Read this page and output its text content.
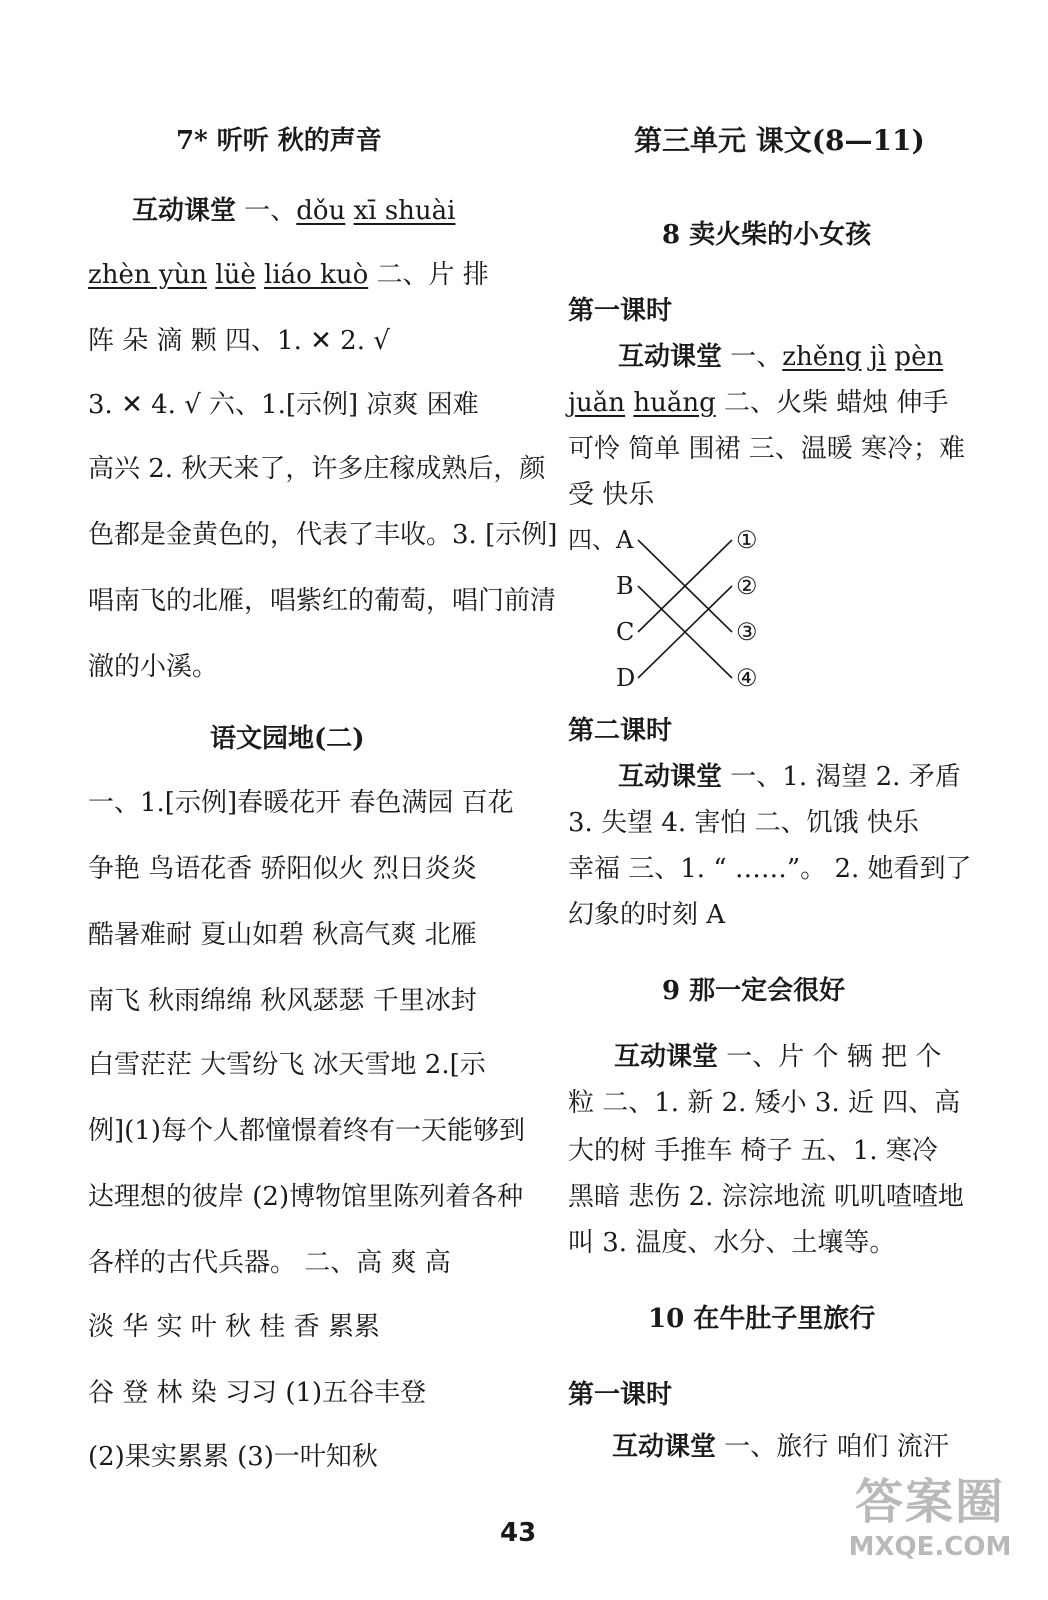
7* 听听 秋的声音
互动课堂 一、dǒu xī shuài
zhèn yùn lüè liáo kuò 二、片 排
阵 朵 滴 颗 四、1. ✕ 2. √
3. ✕ 4. √ 六、1.[示例] 凉爽 困难
高兴 2. 秋天来了，许多庄稼成熟后，颜
色都是金黄色的，代表了丰收。3. [示例]
唱南飞的北雁，唱紫红的葡萄，唱门前清
澈的小溪。
语文园地(二)
一、1.[示例]春暖花开 春色满园 百花
争艳 鸟语花香 骄阳似火 烈日炎炎
酷暑难耐 夏山如碧 秋高气爽 北雁
南飞 秋雨绵绵 秋风瑟瑟 千里冰封
白雪茫茫 大雪纷飞 冰天雪地 2.[示
例](1)每个人都憧憬着终有一天能够到
达理想的彼岸 (2)博物馆里陈列着各种
各样的古代兵器。 二、高 爽 高
淡 华 实 叶 秋 桂 香 累累
谷 登 林 染 习习 (1)五谷丰登
(2)果实累累 (3)一叶知秋
第三单元 课文(8—11)
8 卖火柴的小女孩
第一课时
互动课堂 一、zhěng jì pèn
juǎn huǎng 二、火柴 蜡烛 伸手
可怜 简单 围裙 三、温暖 寒冷；难
受 快乐
四、 A
B
C
D
①
②
③
④
第二课时
互动课堂 一、1. 渴望 2. 矛盾
3. 失望 4. 害怕 二、饥饿 快乐
幸福 三、1. “ ……”。 2. 她看到了
幻象的时刻 A
9 那一定会很好
互动课堂 一、片 个 辆 把 个
粒 二、1. 新 2. 矮小 3. 近 四、高
大的树 手推车 椅子 五、1. 寒冷
黑暗 悲伤 2. 淙淙地流 叽叽喳喳地
叫 3. 温度、水分、土壤等。
10 在牛肚子里旅行
第一课时
互动课堂 一、旅行 咱们 流汗
43
答案圈
MXQE.COM
